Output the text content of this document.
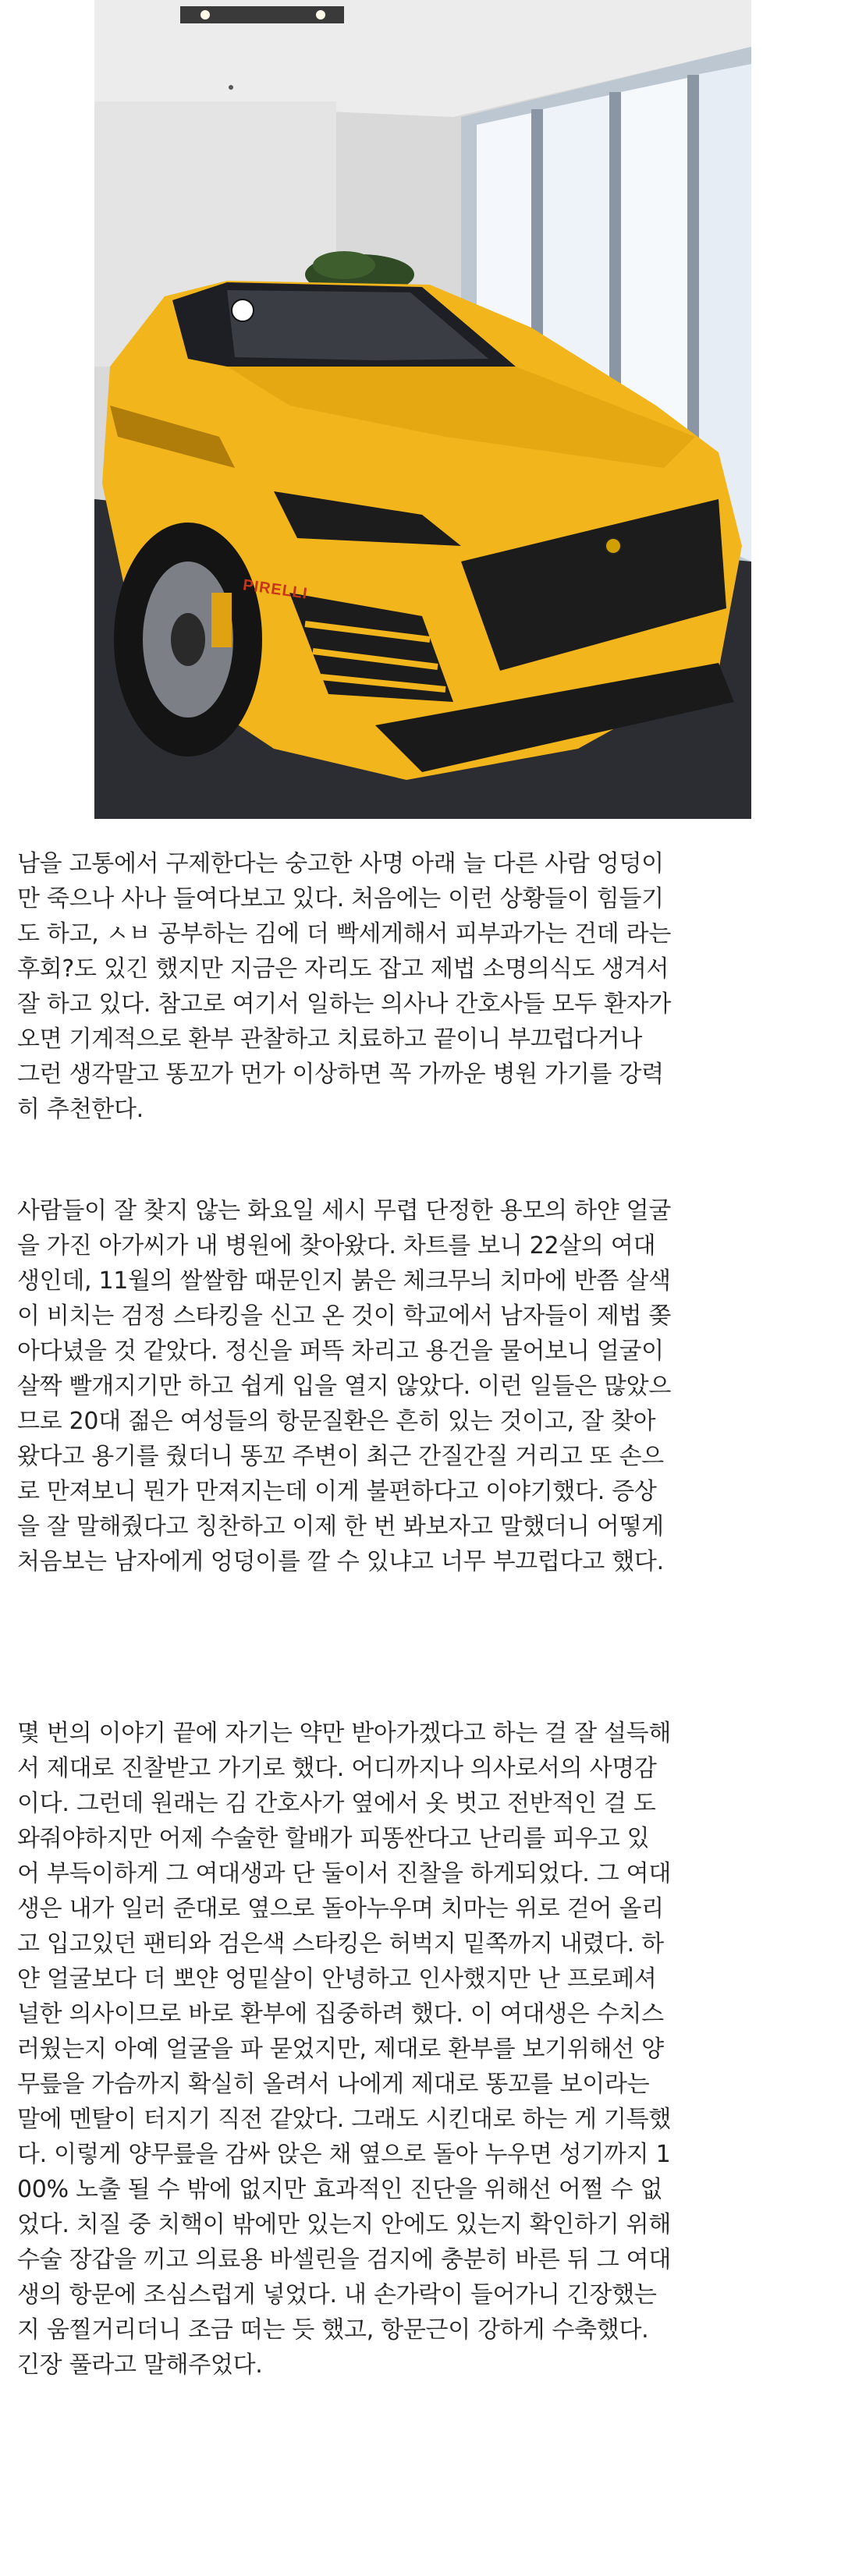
PIRELLI
남을 고통에서 구제한다는 숭고한 사명 아래 늘 다른 사람 엉덩이
만 죽으나 사나 들여다보고 있다. 처음에는 이런 상황들이 힘들기
도 하고, ㅅㅂ 공부하는 김에 더 빡세게해서 피부과가는 건데 라는
후회?도 있긴 했지만 지금은 자리도 잡고 제법 소명의식도 생겨서
잘 하고 있다. 참고로 여기서 일하는 의사나 간호사들 모두 환자가
오면 기계적으로 환부 관찰하고 치료하고 끝이니 부끄럽다거나
그런 생각말고 똥꼬가 먼가 이상하면 꼭 가까운 병원 가기를 강력
히 추천한다.
사람들이 잘 찾지 않는 화요일 세시 무렵 단정한 용모의 하얀 얼굴
을 가진 아가씨가 내 병원에 찾아왔다. 차트를 보니 22살의 여대
생인데, 11월의 쌀쌀함 때문인지 붉은 체크무늬 치마에 반쯤 살색
이 비치는 검정 스타킹을 신고 온 것이 학교에서 남자들이 제법 쫒
아다녔을 것 같았다. 정신을 퍼뜩 차리고 용건을 물어보니 얼굴이
살짝 빨개지기만 하고 쉽게 입을 열지 않았다. 이런 일들은 많았으
므로 20대 젊은 여성들의 항문질환은 흔히 있는 것이고, 잘 찾아
왔다고 용기를 줬더니 똥꼬 주변이 최근 간질간질 거리고 또 손으
로 만져보니 뭔가 만져지는데 이게 불편하다고 이야기했다. 증상
을 잘 말해줬다고 칭찬하고 이제 한 번 봐보자고 말했더니 어떻게
처음보는 남자에게 엉덩이를 깔 수 있냐고 너무 부끄럽다고 했다.
몇 번의 이야기 끝에 자기는 약만 받아가겠다고 하는 걸 잘 설득해
서 제대로 진찰받고 가기로 했다. 어디까지나 의사로서의 사명감
이다. 그런데 원래는 김 간호사가 옆에서 옷 벗고 전반적인 걸 도
와줘야하지만 어제 수술한 할배가 피똥싼다고 난리를 피우고 있
어 부득이하게 그 여대생과 단 둘이서 진찰을 하게되었다. 그 여대
생은 내가 일러 준대로 옆으로 돌아누우며 치마는 위로 걷어 올리
고 입고있던 팬티와 검은색 스타킹은 허벅지 밑쪽까지 내렸다. 하
얀 얼굴보다 더 뽀얀 엉밑살이 안녕하고 인사했지만 난 프로페셔
널한 의사이므로 바로 환부에 집중하려 했다. 이 여대생은 수치스
러웠는지 아예 얼굴을 파 묻었지만, 제대로 환부를 보기위해선 양
무릎을 가슴까지 확실히 올려서 나에게 제대로 똥꼬를 보이라는
말에 멘탈이 터지기 직전 같았다. 그래도 시킨대로 하는 게 기특했
다. 이렇게 양무릎을 감싸 앉은 채 옆으로 돌아 누우면 성기까지 1
00% 노출 될 수 밖에 없지만 효과적인 진단을 위해선 어쩔 수 없
었다. 치질 중 치핵이 밖에만 있는지 안에도 있는지 확인하기 위해
수술 장갑을 끼고 의료용 바셀린을 검지에 충분히 바른 뒤 그 여대
생의 항문에 조심스럽게 넣었다. 내 손가락이 들어가니 긴장했는
지 움찔거리더니 조금 떠는 듯 했고, 항문근이 강하게 수축했다.
긴장 풀라고 말해주었다.
